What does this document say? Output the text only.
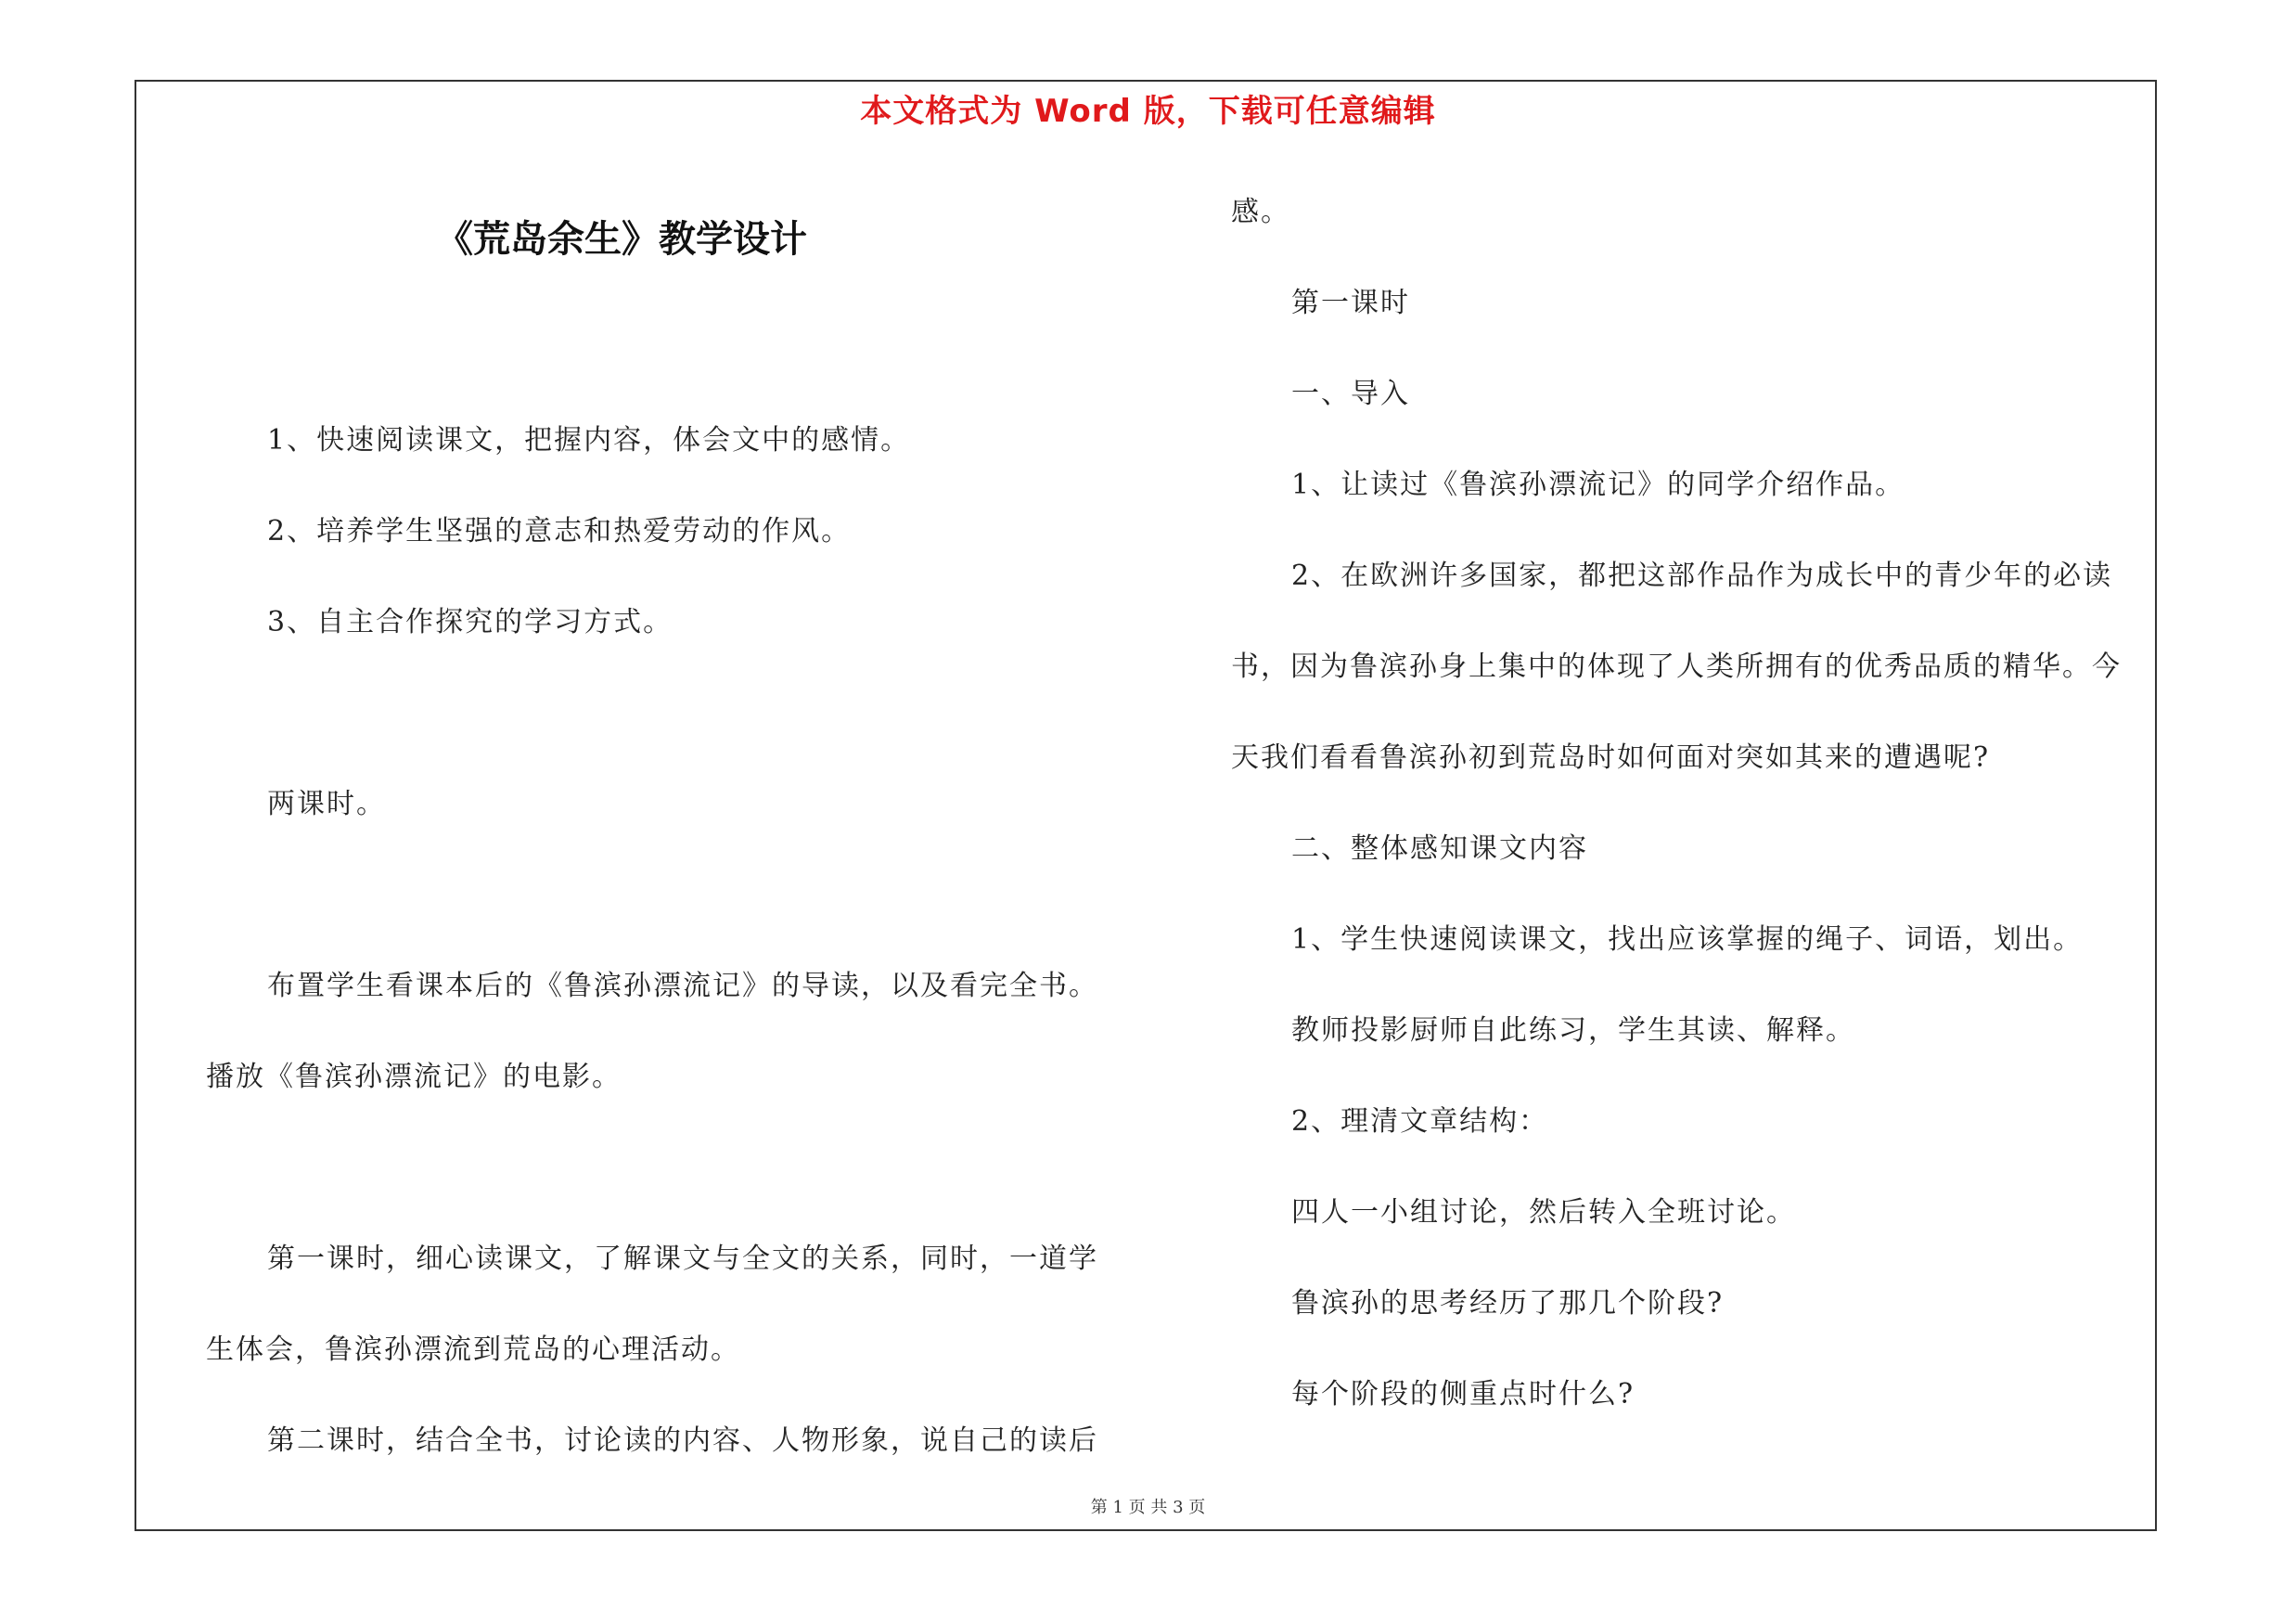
本文格式为 Word 版，下载可任意编辑
《荒岛余生》教学设计
1、快速阅读课文，把握内容，体会文中的感情。
2、培养学生坚强的意志和热爱劳动的作风。
3、自主合作探究的学习方式。
两课时。
布置学生看课本后的《鲁滨孙漂流记》的导读，以及看完全书。
播放《鲁滨孙漂流记》的电影。
第一课时，细心读课文，了解课文与全文的关系，同时，一道学
生体会，鲁滨孙漂流到荒岛的心理活动。
第二课时，结合全书，讨论读的内容、人物形象，说自己的读后
感。
第一课时
一、导入
1、让读过《鲁滨孙漂流记》的同学介绍作品。
2、在欧洲许多国家，都把这部作品作为成长中的青少年的必读
书，因为鲁滨孙身上集中的体现了人类所拥有的优秀品质的精华。今
天我们看看鲁滨孙初到荒岛时如何面对突如其来的遭遇呢?
二、整体感知课文内容
1、学生快速阅读课文，找出应该掌握的绳子、词语，划出。
教师投影厨师自此练习，学生其读、解释。
2、理清文章结构：
四人一小组讨论，然后转入全班讨论。
鲁滨孙的思考经历了那几个阶段?
每个阶段的侧重点时什么?
第 1 页 共 3 页
